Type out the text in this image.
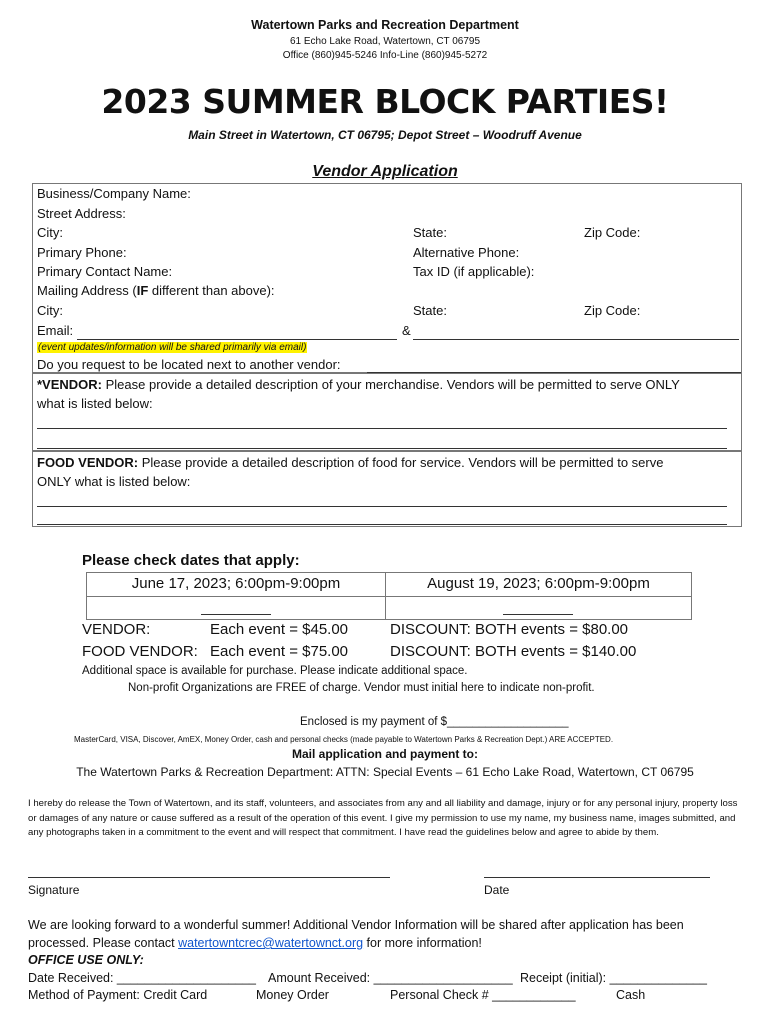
Watertown Parks and Recreation Department
61 Echo Lake Road, Watertown, CT 06795
Office (860)945-5246 Info-Line (860)945-5272
2023 SUMMER BLOCK PARTIES!
Main Street in Watertown, CT 06795; Depot Street – Woodruff Avenue
Vendor Application
Business/Company Name:
Street Address:
City:	State:	Zip Code:
Primary Phone:	Alternative Phone:
Primary Contact Name:	Tax ID (if applicable):
Mailing Address (IF different than above):
City:	State:	Zip Code:
Email:	&
(event updates/information will be shared primarily via email)
Do you request to be located next to another vendor:
*VENDOR: Please provide a detailed description of your merchandise. Vendors will be permitted to serve ONLY
what is listed below:
FOOD VENDOR: Please provide a detailed description of food for service. Vendors will be permitted to serve
ONLY what is listed below:
Please check dates that apply:
June 17, 2023; 6:00pm-9:00pm	August 19, 2023; 6:00pm-9:00pm
VENDOR:	Each event = $45.00	DISCOUNT: BOTH events = $80.00
FOOD VENDOR: Each event = $75.00	DISCOUNT: BOTH events = $140.00
Additional space is available for purchase. Please indicate additional space.
Non-profit Organizations are FREE of charge. Vendor must initial here to indicate non-profit.
Enclosed is my payment of $___________________
MasterCard, VISA, Discover, AmEX, Money Order, cash and personal checks (made payable to Watertown Parks & Recreation Dept.) ARE ACCEPTED.
Mail application and payment to:
The Watertown Parks & Recreation Department: ATTN: Special Events – 61 Echo Lake Road, Watertown, CT 06795
I hereby do release the Town of Watertown, and its staff, volunteers, and associates from any and all liability and damage, injury or for any personal injury, property loss or damages of any nature or cause suffered as a result of the operation of this event. I give my permission to use my name, my business name, images submitted, and any photographs taken in a commitment to the event and will respect that commitment. I have read the guidelines below and agree to abide by them.
Signature	Date
We are looking forward to a wonderful summer! Additional Vendor Information will be shared after application has been
processed. Please contact watertowntcrec@watertownct.org for more information!
OFFICE USE ONLY:
Date Received: ____________________ Amount Received: ____________________ Receipt (initial): ______________
Method of Payment: Credit Card	Money Order	Personal Check # ____________	Cash
